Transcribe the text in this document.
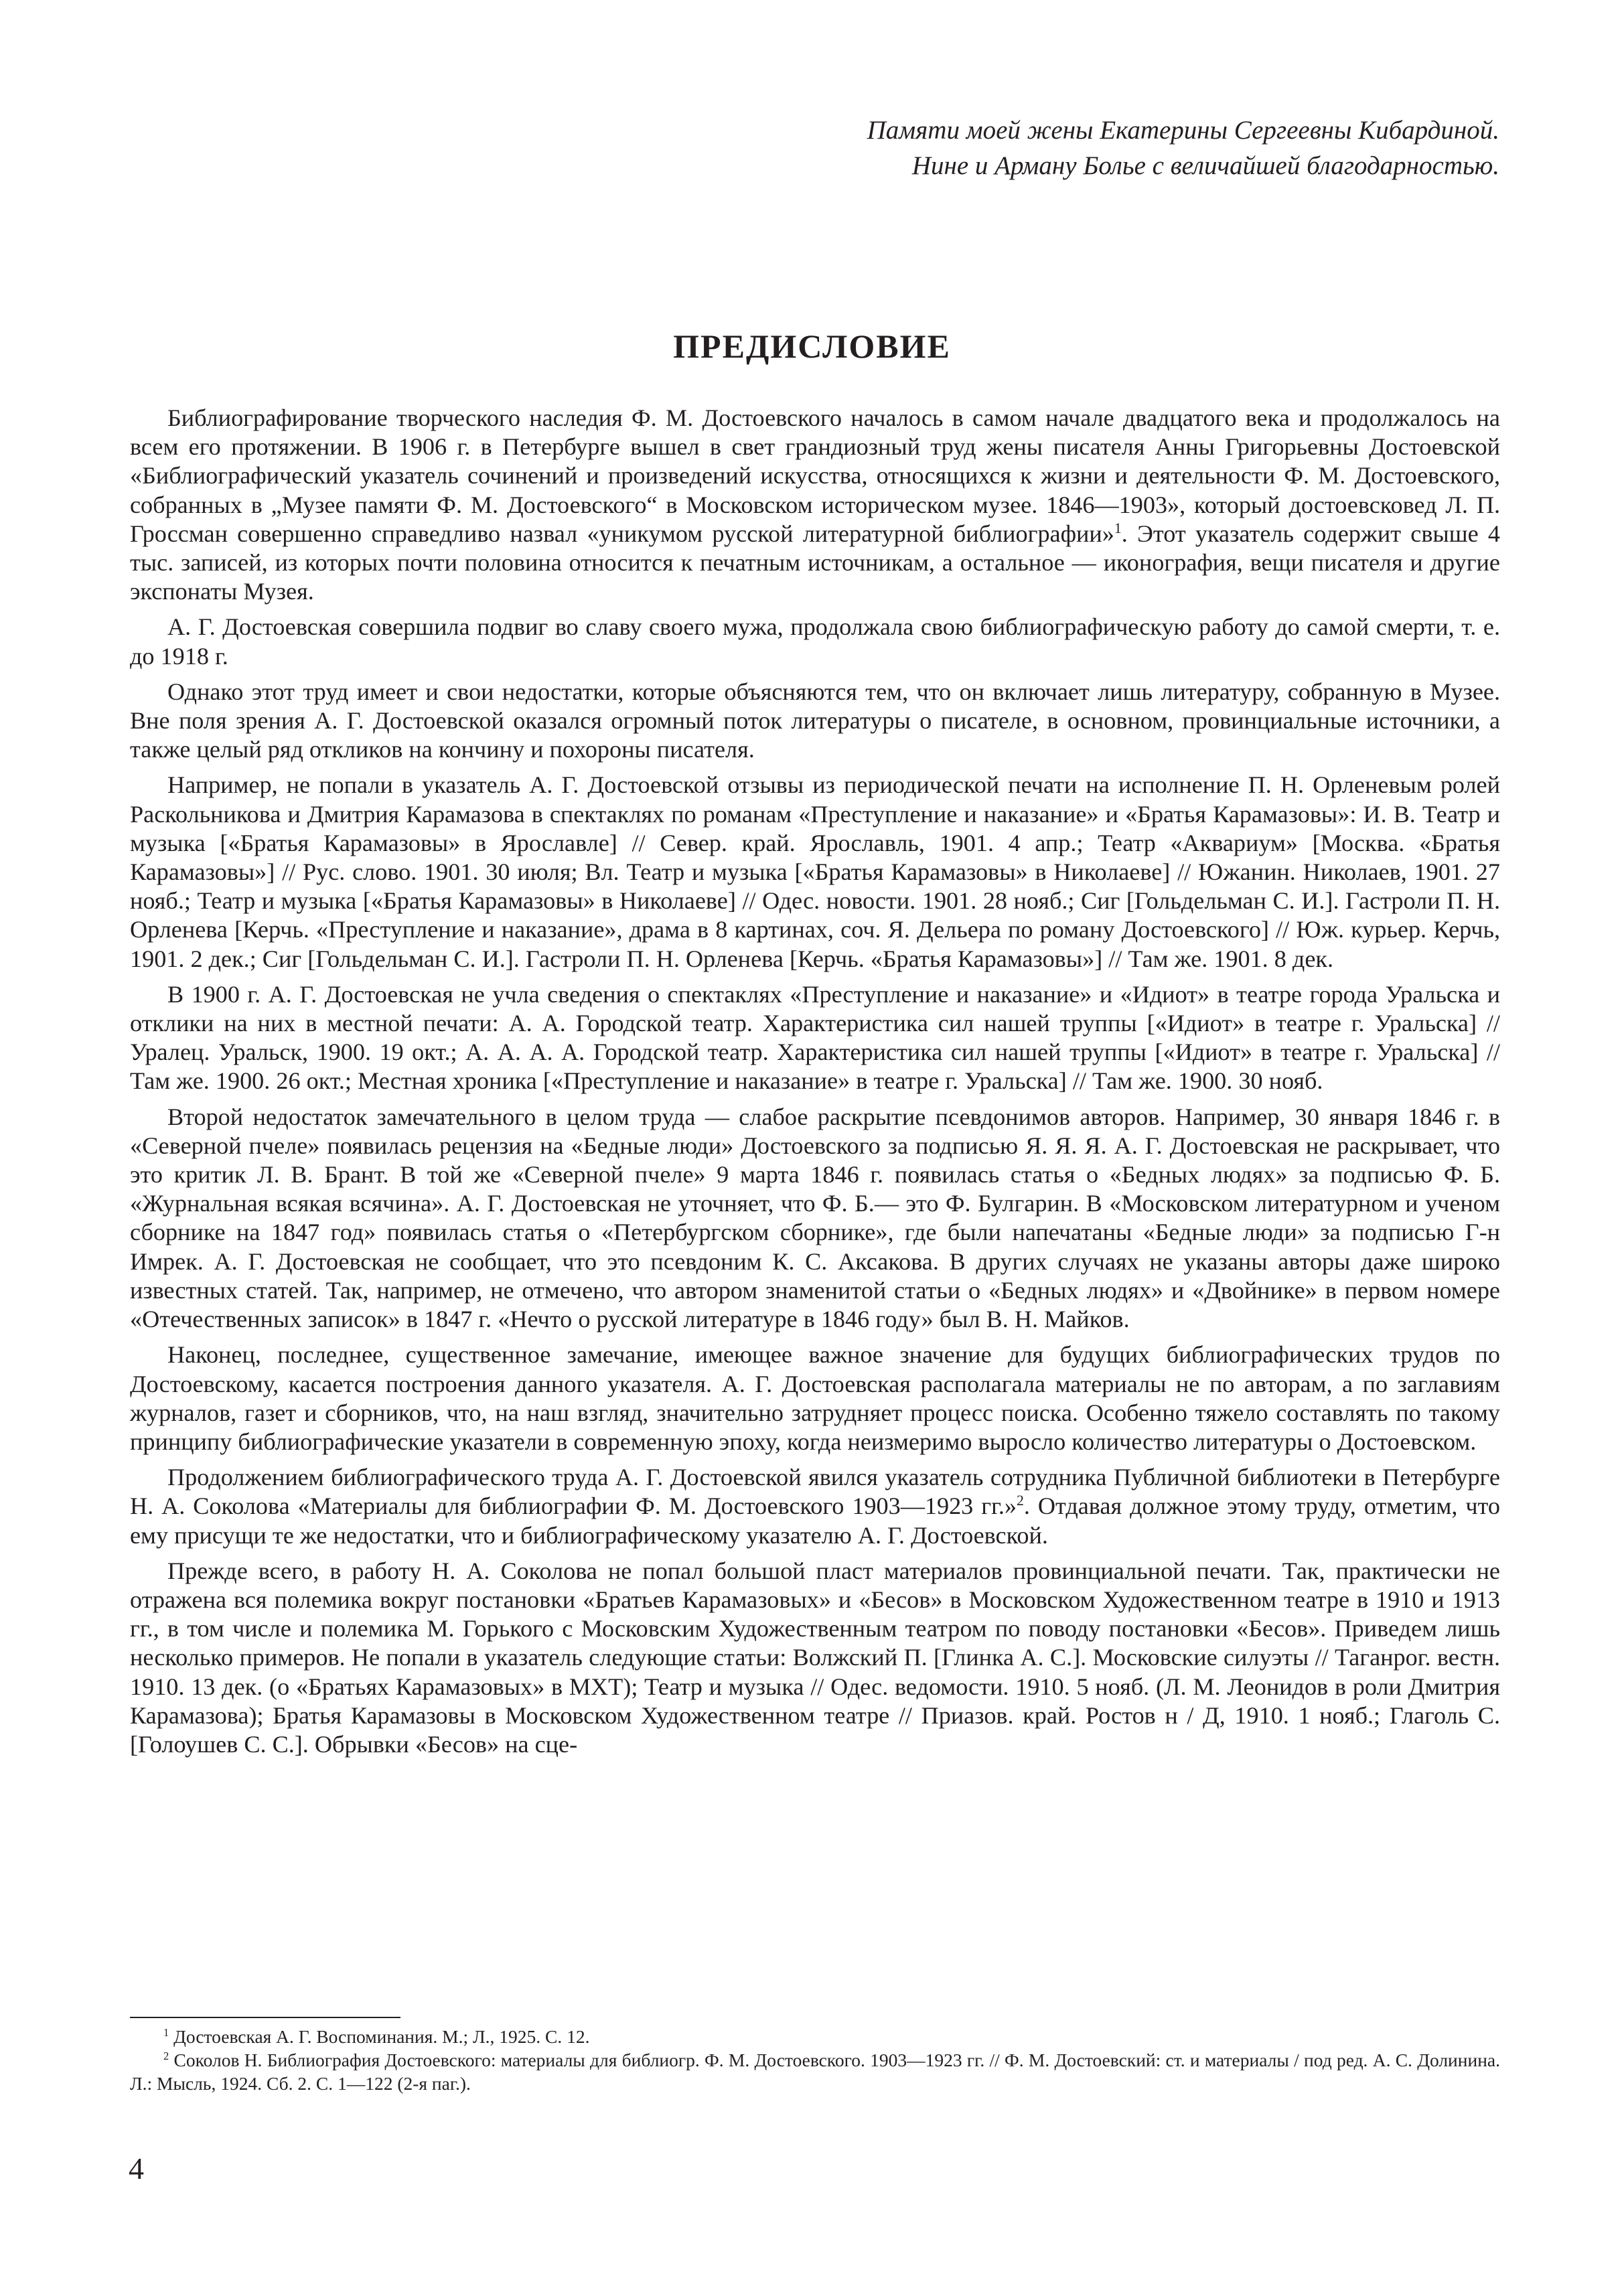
Памяти моей жены Екатерины Сергеевны Кибардиной.
Нине и Арману Болье с величайшей благодарностью.
ПРЕДИСЛОВИЕ

Библиографирование творческого наследия Ф. М. Достоевского началось в самом начале двадцатого века и продолжалось на всем его протяжении. В 1906 г. в Петербурге вышел в свет грандиозный труд жены писателя Анны Григорьевны Достоевской «Библиографический указатель сочинений и произведений искусства, относящихся к жизни и деятельности Ф. М. Достоевского, собранных в „Музее памяти Ф. М. Достоевского“ в Московском историческом музее. 1846—1903», который достоевсковед Л. П. Гроссман совершенно справедливо назвал «уникумом русской литературной библиографии»$^1$. Этот указатель содержит свыше 4 тыс. записей, из которых почти половина относится к печатным источникам, а остальное — иконография, вещи писателя и другие экспонаты Музея.

А. Г. Достоевская совершила подвиг во славу своего мужа, продолжала свою библиографическую работу до самой смерти, т. е. до 1918 г.

Однако этот труд имеет и свои недостатки, которые объясняются тем, что он включает лишь литературу, собранную в Музее. Вне поля зрения А. Г. Достоевской оказался огромный поток литературы о писателе, в основном, провинциальные источники, а также целый ряд откликов на кончину и похороны писателя.

Например, не попали в указатель А. Г. Достоевской отзывы из периодической печати на исполнение П. Н. Орленевым ролей Раскольникова и Дмитрия Карамазова в спектаклях по романам «Преступление и наказание» и «Братья Карамазовы»: И. В. Театр и музыка [«Братья Карамазовы» в Ярославле] // Север. край. Ярославль, 1901. 4 апр.; Театр «Аквариум» [Москва. «Братья Карамазовы»] // Рус. слово. 1901. 30 июля; Вл. Театр и музыка [«Братья Карамазовы» в Николаеве] // Южанин. Николаев, 1901. 27 нояб.; Театр и музыка [«Братья Карамазовы» в Николаеве] // Одес. новости. 1901. 28 нояб.; Сиг [Гольдельман С. И.]. Гастроли П. Н. Орленева [Керчь. «Преступление и наказание», драма в 8 картинах, соч. Я. Дельера по роману Достоевского] // Юж. курьер. Керчь, 1901. 2 дек.; Сиг [Гольдельман С. И.]. Гастроли П. Н. Орленева [Керчь. «Братья Карамазовы»] // Там же. 1901. 8 дек.

В 1900 г. А. Г. Достоевская не учла сведения о спектаклях «Преступление и наказание» и «Идиот» в театре города Уральска и отклики на них в местной печати: А. А. Городской театр. Характеристика сил нашей труппы [«Идиот» в театре г. Уральска] // Уралец. Уральск, 1900. 19 окт.; А. А. А. А. Городской театр. Характеристика сил нашей труппы [«Идиот» в театре г. Уральска] // Там же. 1900. 26 окт.; Местная хроника [«Преступление и наказание» в театре г. Уральска] // Там же. 1900. 30 нояб.

Второй недостаток замечательного в целом труда — слабое раскрытие псевдонимов авторов. Например, 30 января 1846 г. в «Северной пчеле» появилась рецензия на «Бедные люди» Достоевского за подписью Я. Я. Я. А. Г. Достоевская не раскрывает, что это критик Л. В. Брант. В той же «Северной пчеле» 9 марта 1846 г. появилась статья о «Бедных людях» за подписью Ф. Б. «Журнальная всякая всячина». А. Г. Достоевская не уточняет, что Ф. Б.— это Ф. Булгарин. В «Московском литературном и ученом сборнике на 1847 год» появилась статья о «Петербургском сборнике», где были напечатаны «Бедные люди» за подписью Г-н Имрек. А. Г. Достоевская не сообщает, что это псевдоним К. С. Аксакова. В других случаях не указаны авторы даже широко известных статей. Так, например, не отмечено, что автором знаменитой статьи о «Бедных людях» и «Двойнике» в первом номере «Отечественных записок» в 1847 г. «Нечто о русской литературе в 1846 году» был В. Н. Майков.

Наконец, последнее, существенное замечание, имеющее важное значение для будущих библиографических трудов по Достоевскому, касается построения данного указателя. А. Г. Достоевская располагала материалы не по авторам, а по заглавиям журналов, газет и сборников, что, на наш взгляд, значительно затрудняет процесс поиска. Особенно тяжело составлять по такому принципу библиографические указатели в современную эпоху, когда неизмеримо выросло количество литературы о Достоевском.

Продолжением библиографического труда А. Г. Достоевской явился указатель сотрудника Публичной библиотеки в Петербурге Н. А. Соколова «Материалы для библиографии Ф. М. Достоевского 1903—1923 гг.»$^2$. Отдавая должное этому труду, отметим, что ему присущи те же недостатки, что и библиографическому указателю А. Г. Достоевской.

Прежде всего, в работу Н. А. Соколова не попал большой пласт материалов провинциальной печати. Так, практически не отражена вся полемика вокруг постановки «Братьев Карамазовых» и «Бесов» в Московском Художественном театре в 1910 и 1913 гг., в том числе и полемика М. Горького с Московским Художественным театром по поводу постановки «Бесов». Приведем лишь несколько примеров. Не попали в указатель следующие статьи: Волжский П. [Глинка А. С.]. Московские силуэты // Таганрог. вестн. 1910. 13 дек. (о «Братьях Карамазовых» в МХТ); Театр и музыка // Одес. ведомости. 1910. 5 нояб. (Л. М. Леонидов в роли Дмитрия Карамазова); Братья Карамазовы в Московском Художественном театре // Приазов. край. Ростов н / Д, 1910. 1 нояб.; Глаголь С. [Голоушев С. С.]. Обрывки «Бесов» на сце-

$^1$ Достоевская А. Г. Воспоминания. М.; Л., 1925. С. 12.

$^2$ Соколов Н. Библиография Достоевского: материалы для библиогр. Ф. М. Достоевского. 1903—1923 гг. // Ф. М. Достоевский: ст. и материалы / под ред. А. С. Долинина. Л.: Мысль, 1924. Сб. 2. С. 1—122 (2-я паг.).

4
